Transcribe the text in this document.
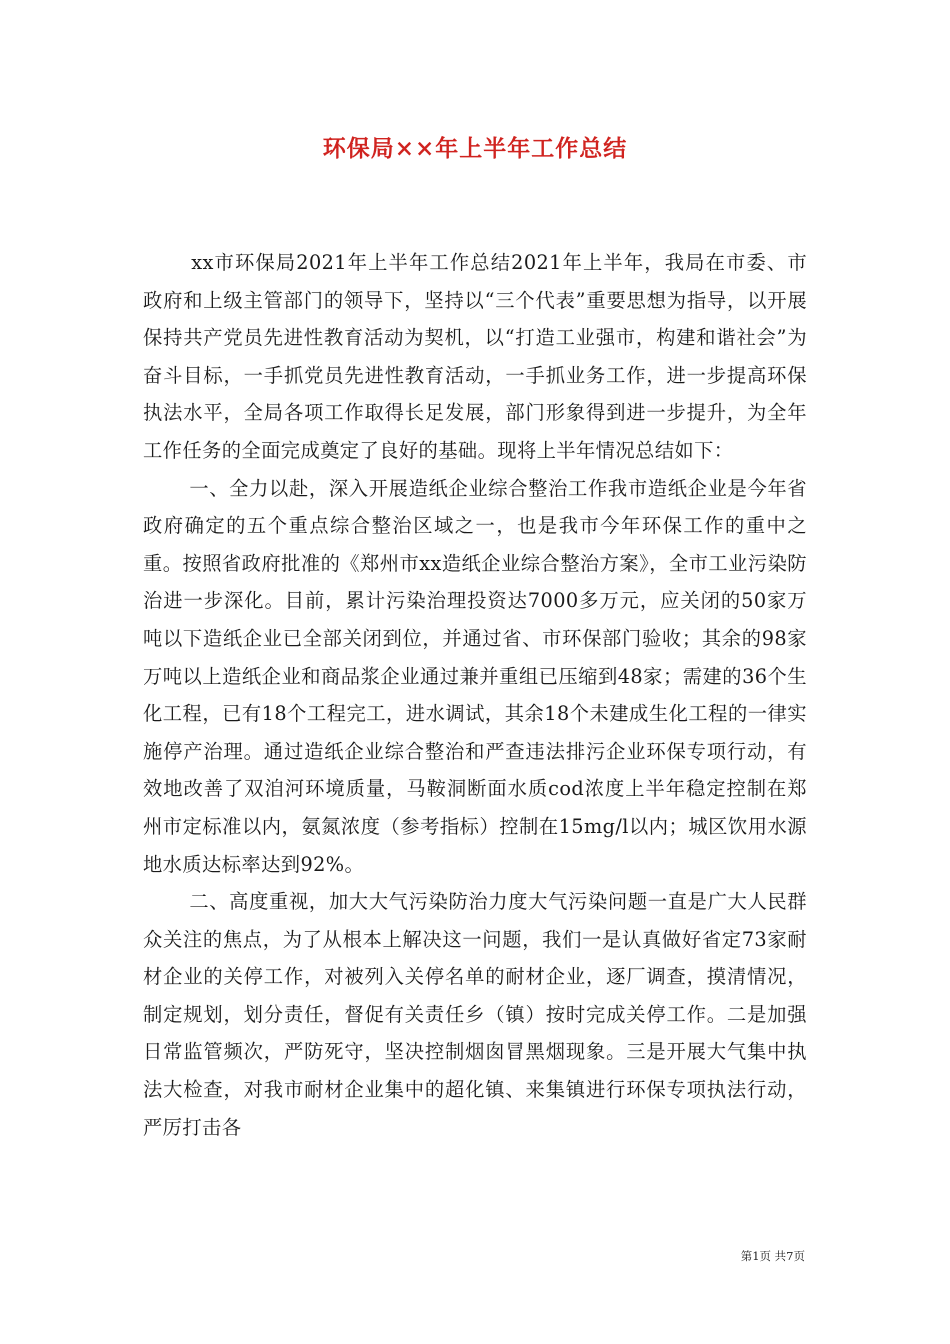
环保局××年上半年工作总结

xx市环保局2021年上半年工作总结2021年上半年，我局在市委、市政府和上级主管部门的领导下，坚持以“三个代表”重要思想为指导，以开展保持共产党员先进性教育活动为契机，以“打造工业强市，构建和谐社会”为奋斗目标，一手抓党员先进性教育活动，一手抓业务工作，进一步提高环保执法水平，全局各项工作取得长足发展，部门形象得到进一步提升，为全年工作任务的全面完成奠定了良好的基础。现将上半年情况总结如下：

一、全力以赴，深入开展造纸企业综合整治工作我市造纸企业是今年省政府确定的五个重点综合整治区域之一，也是我市今年环保工作的重中之重。按照省政府批准的《郑州市xx造纸企业综合整治方案》，全市工业污染防治进一步深化。目前，累计污染治理投资达7000多万元，应关闭的50家万吨以下造纸企业已全部关闭到位，并通过省、市环保部门验收；其余的98家万吨以上造纸企业和商品浆企业通过兼并重组已压缩到48家；需建的36个生化工程，已有18个工程完工，进水调试，其余18个未建成生化工程的一律实施停产治理。通过造纸企业综合整治和严查违法排污企业环保专项行动，有效地改善了双洎河环境质量，马鞍洞断面水质cod浓度上半年稳定控制在郑州市定标准以内，氨氮浓度（参考指标）控制在15mg/l以内；城区饮用水源地水质达标率达到92%。

二、高度重视，加大大气污染防治力度大气污染问题一直是广大人民群众关注的焦点，为了从根本上解决这一问题，我们一是认真做好省定73家耐材企业的关停工作，对被列入关停名单的耐材企业，逐厂调查，摸清情况，制定规划，划分责任，督促有关责任乡（镇）按时完成关停工作。二是加强日常监管频次，严防死守，坚决控制烟囱冒黑烟现象。三是开展大气集中执法大检查，对我市耐材企业集中的超化镇、来集镇进行环保专项执法行动，严厉打击各

第1页 共7页
